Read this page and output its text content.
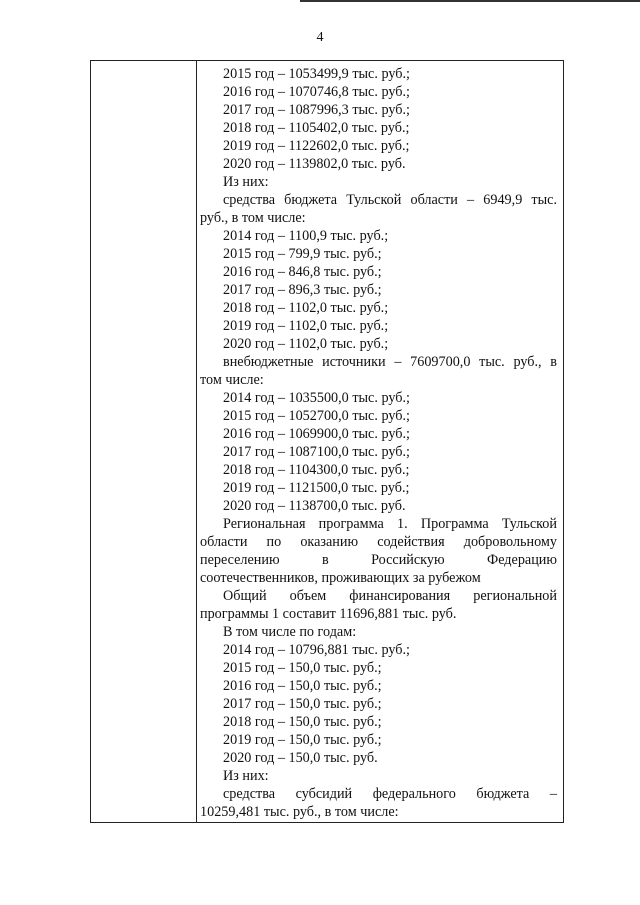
4
2015 год – 1053499,9 тыс. руб.;
2016 год – 1070746,8 тыс. руб.;
2017 год – 1087996,3 тыс. руб.;
2018 год – 1105402,0 тыс. руб.;
2019 год – 1122602,0 тыс. руб.;
2020 год – 1139802,0 тыс. руб.
Из них:
средства бюджета Тульской области – 6949,9 тыс.
руб., в том числе:
2014 год – 1100,9 тыс. руб.;
2015 год – 799,9 тыс. руб.;
2016 год – 846,8 тыс. руб.;
2017 год – 896,3 тыс. руб.;
2018 год – 1102,0 тыс. руб.;
2019 год – 1102,0 тыс. руб.;
2020 год – 1102,0 тыс. руб.;
внебюджетные источники – 7609700,0 тыс. руб., в
том числе:
2014 год – 1035500,0 тыс. руб.;
2015 год – 1052700,0 тыс. руб.;
2016 год – 1069900,0 тыс. руб.;
2017 год – 1087100,0 тыс. руб.;
2018 год – 1104300,0 тыс. руб.;
2019 год – 1121500,0 тыс. руб.;
2020 год – 1138700,0 тыс. руб.
Региональная программа 1. Программа Тульской
области по оказанию содействия добровольному
переселению в Российскую Федерацию
соотечественников, проживающих за рубежом
Общий объем финансирования региональной
программы 1 составит 11696,881 тыс. руб.
В том числе по годам:
2014 год – 10796,881 тыс. руб.;
2015 год – 150,0 тыс. руб.;
2016 год – 150,0 тыс. руб.;
2017 год – 150,0 тыс. руб.;
2018 год – 150,0 тыс. руб.;
2019 год – 150,0 тыс. руб.;
2020 год – 150,0 тыс. руб.
Из них:
средства субсидий федерального бюджета –
10259,481 тыс. руб., в том числе:
